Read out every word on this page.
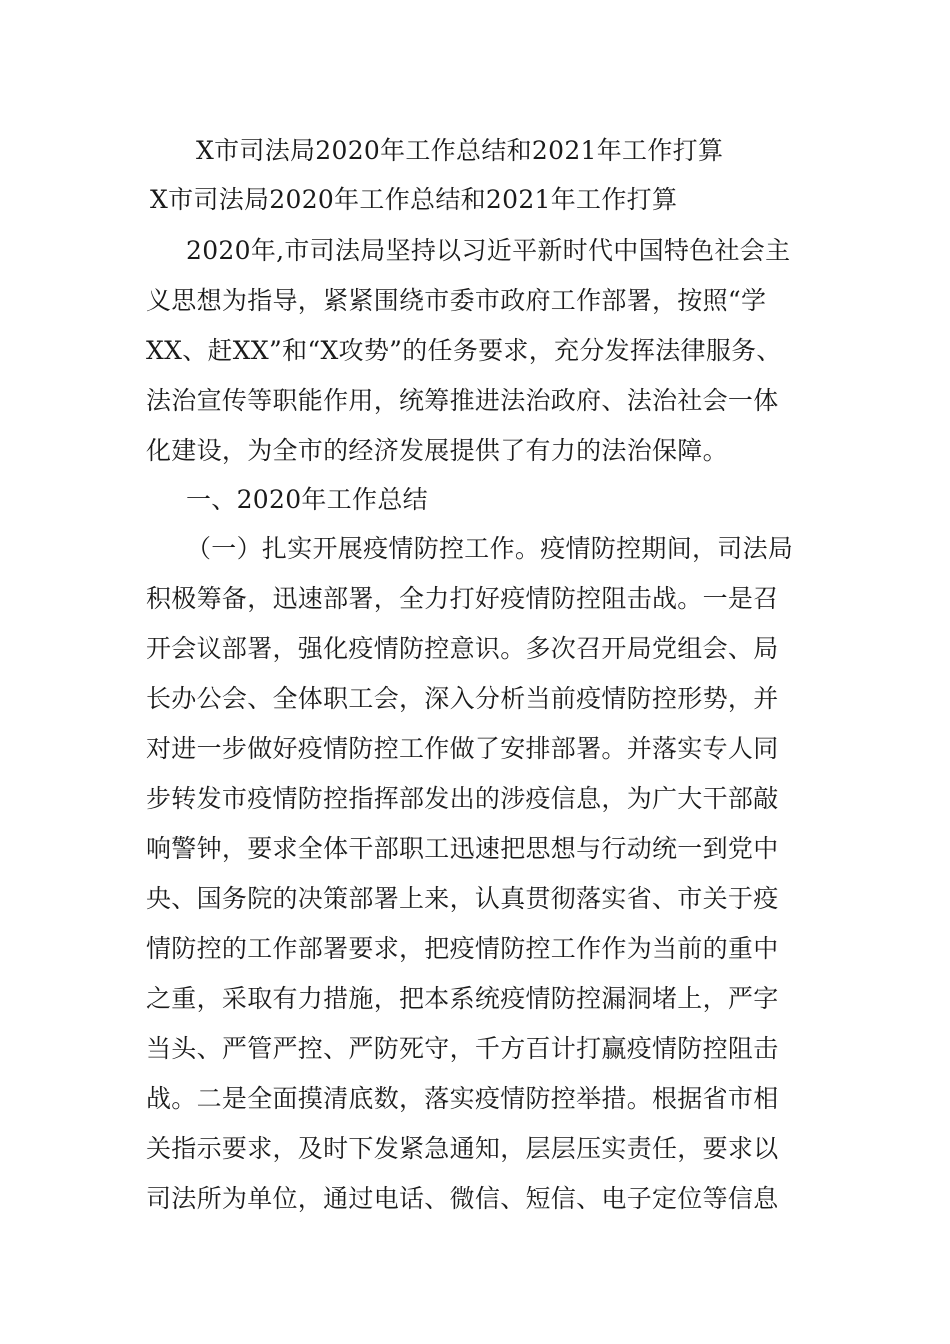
X市司法局2020年工作总结和2021年工作打算
X市司法局2020年工作总结和2021年工作打算
2020年,市司法局坚持以习近平新时代中国特色社会主
义思想为指导，紧紧围绕市委市政府工作部署，按照“学
XX、赶XX”和“X攻势”的任务要求，充分发挥法律服务、
法治宣传等职能作用，统筹推进法治政府、法治社会一体
化建设，为全市的经济发展提供了有力的法治保障。
一、2020年工作总结
（一）扎实开展疫情防控工作。疫情防控期间，司法局
积极筹备，迅速部署，全力打好疫情防控阻击战。一是召
开会议部署，强化疫情防控意识。多次召开局党组会、局
长办公会、全体职工会，深入分析当前疫情防控形势，并
对进一步做好疫情防控工作做了安排部署。并落实专人同
步转发市疫情防控指挥部发出的涉疫信息，为广大干部敲
响警钟，要求全体干部职工迅速把思想与行动统一到党中
央、国务院的决策部署上来，认真贯彻落实省、市关于疫
情防控的工作部署要求，把疫情防控工作作为当前的重中
之重，采取有力措施，把本系统疫情防控漏洞堵上，严字
当头、严管严控、严防死守，千方百计打赢疫情防控阻击
战。二是全面摸清底数，落实疫情防控举措。根据省市相
关指示要求，及时下发紧急通知，层层压实责任，要求以
司法所为单位，通过电话、微信、短信、电子定位等信息
